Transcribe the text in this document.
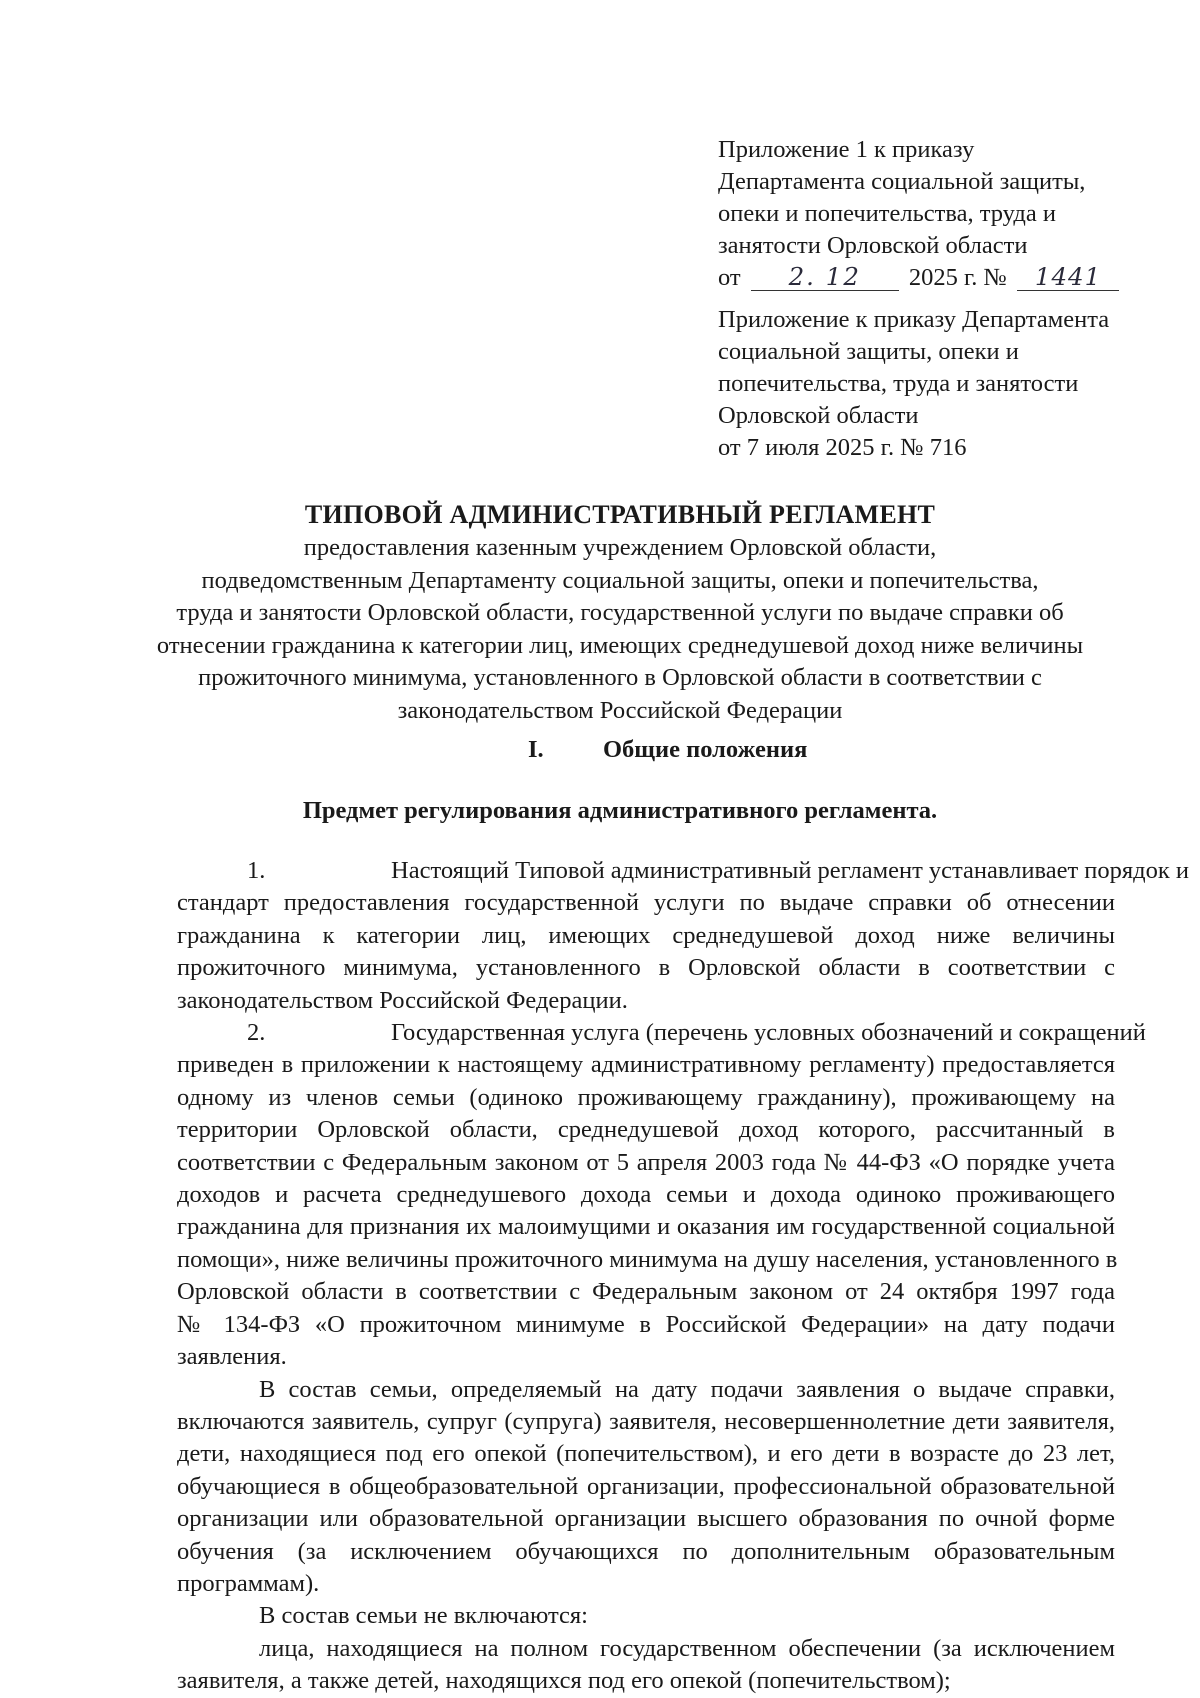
Приложение 1 к приказу
Департамента социальной защиты,
опеки и попечительства, труда и
занятости Орловской области
от 2. 12 2025 г. № 1441
Приложение к приказу Департамента
социальной защиты, опеки и
попечительства, труда и занятости
Орловской области
от 7 июля 2025 г. № 716
ТИПОВОЙ АДМИНИСТРАТИВНЫЙ РЕГЛАМЕНТ
предоставления казенным учреждением Орловской области,
подведомственным Департаменту социальной защиты, опеки и попечительства,
труда и занятости Орловской области, государственной услуги по выдаче справки об
отнесении гражданина к категории лиц, имеющих среднедушевой доход ниже величины
прожиточного минимума, установленного в Орловской области в соответствии с
законодательством Российской Федерации
I. Общие положения
Предмет регулирования административного регламента.

1.	Настоящий Типовой административный регламент устанавливает порядок и
стандарт предоставления государственной услуги по выдаче справки об отнесении
гражданина к категории лиц, имеющих среднедушевой доход ниже величины
прожиточного минимума, установленного в Орловской области в соответствии с
законодательством Российской Федерации.

2.	Государственная услуга (перечень условных обозначений и сокращений
приведен в приложении к настоящему административному регламенту) предоставляется
одному из членов семьи (одиноко проживающему гражданину), проживающему на
территории Орловской области, среднедушевой доход которого, рассчитанный в
соответствии с Федеральным законом от 5 апреля 2003 года № 44-ФЗ «О порядке учета
доходов и расчета среднедушевого дохода семьи и дохода одиноко проживающего
гражданина для признания их малоимущими и оказания им государственной социальной
помощи», ниже величины прожиточного минимума на душу населения, установленного в
Орловской области в соответствии с Федеральным законом от 24 октября 1997 года
№ 134-ФЗ «О прожиточном минимуме в Российской Федерации» на дату подачи
заявления.

В состав семьи, определяемый на дату подачи заявления о выдаче справки,
включаются заявитель, супруг (супруга) заявителя, несовершеннолетние дети заявителя,
дети, находящиеся под его опекой (попечительством), и его дети в возрасте до 23 лет,
обучающиеся в общеобразовательной организации, профессиональной образовательной
организации или образовательной организации высшего образования по очной форме
обучения (за исключением обучающихся по дополнительным образовательным
программам).

В состав семьи не включаются:

лица, находящиеся на полном государственном обеспечении (за исключением
заявителя, а также детей, находящихся под его опекой (попечительством);
